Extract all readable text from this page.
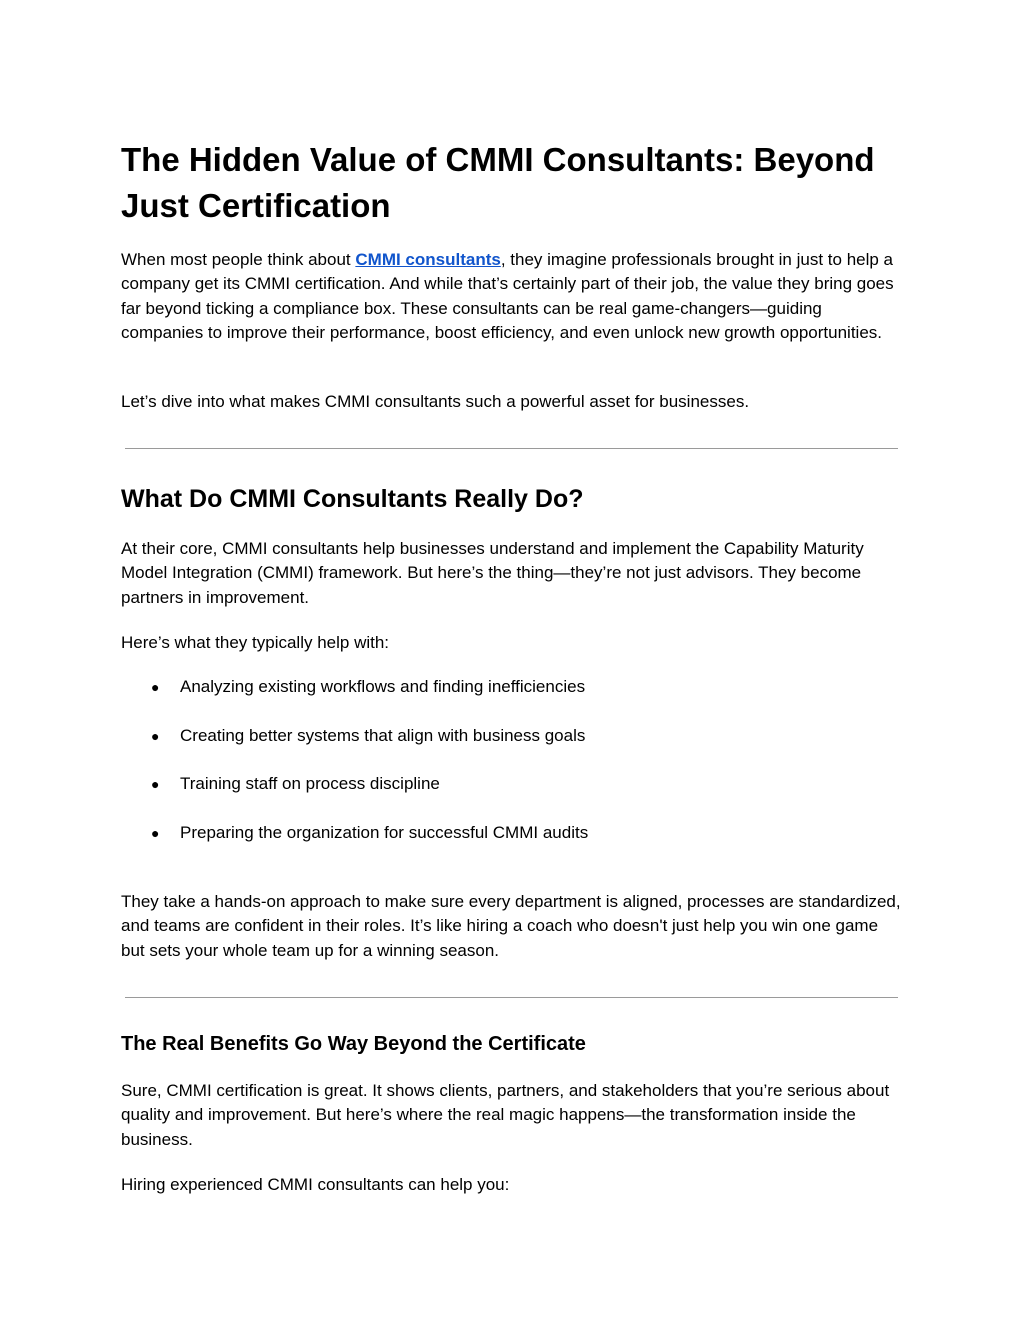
The Hidden Value of CMMI Consultants: Beyond Just Certification

When most people think about CMMI consultants, they imagine professionals brought in just to help a company get its CMMI certification. And while that’s certainly part of their job, the value they bring goes far beyond ticking a compliance box. These consultants can be real game-changers—guiding companies to improve their performance, boost efficiency, and even unlock new growth opportunities.

Let’s dive into what makes CMMI consultants such a powerful asset for businesses.

What Do CMMI Consultants Really Do?

At their core, CMMI consultants help businesses understand and implement the Capability Maturity Model Integration (CMMI) framework. But here’s the thing—they’re not just advisors. They become partners in improvement.

Here’s what they typically help with:

● Analyzing existing workflows and finding inefficiencies
● Creating better systems that align with business goals
● Training staff on process discipline
● Preparing the organization for successful CMMI audits

They take a hands-on approach to make sure every department is aligned, processes are standardized, and teams are confident in their roles. It’s like hiring a coach who doesn't just help you win one game but sets your whole team up for a winning season.

The Real Benefits Go Way Beyond the Certificate

Sure, CMMI certification is great. It shows clients, partners, and stakeholders that you’re serious about quality and improvement. But here’s where the real magic happens—the transformation inside the business.

Hiring experienced CMMI consultants can help you:
